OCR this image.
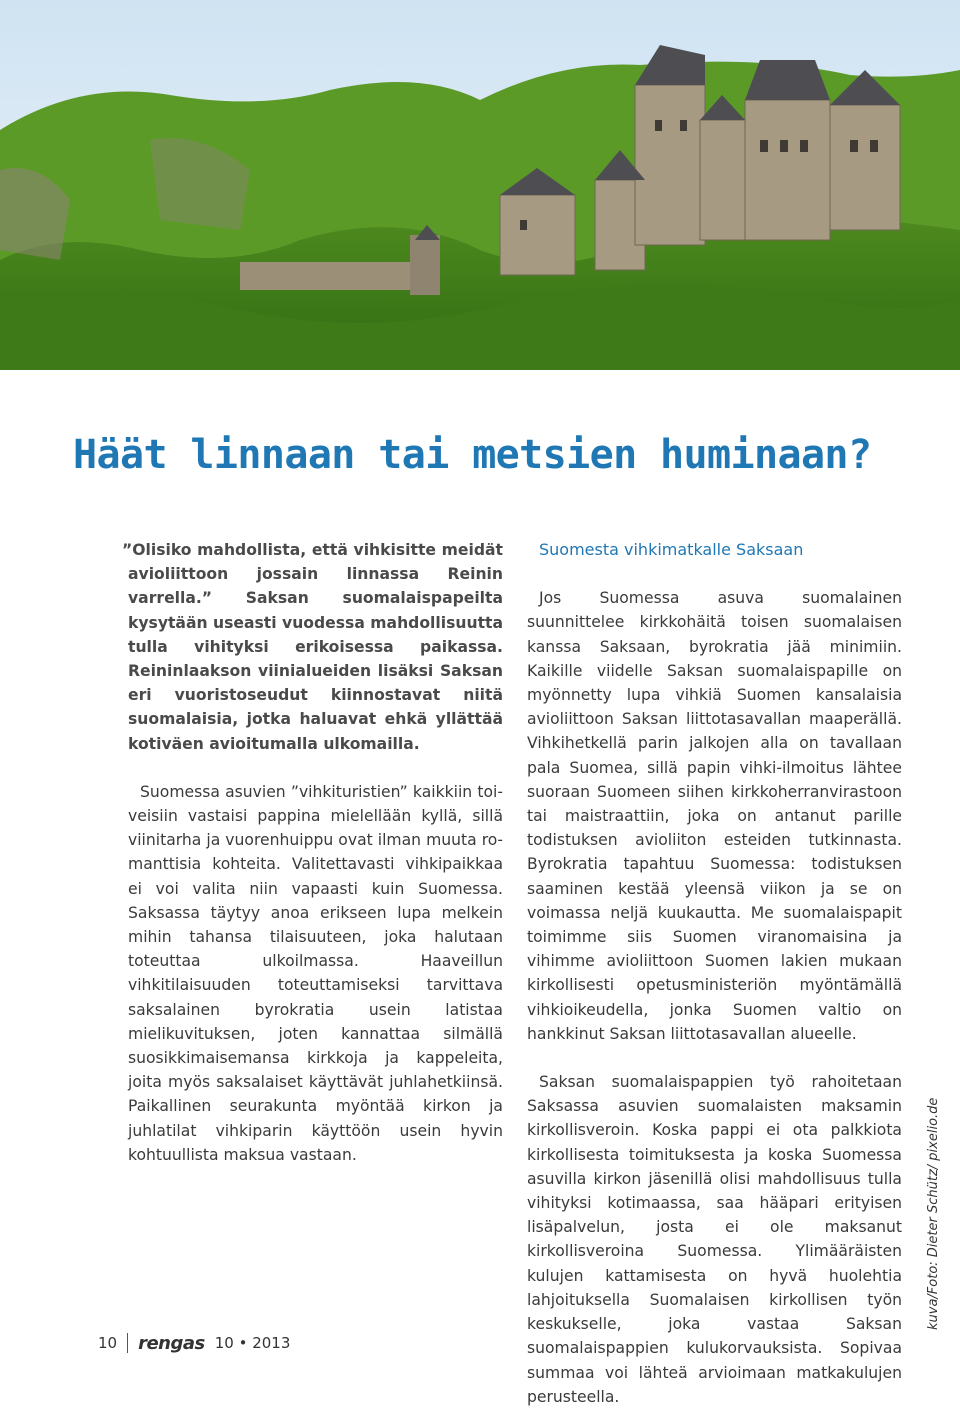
Häät linnaan tai metsien huminaan?

”Olisiko mahdollista, että vihkisitte meidät avioliittoon jossain linnassa Reinin varrella.” Saksan suomalaispapeilta kysytään useasti vuodessa mahdollisuutta tulla vihityksi erikoisessa paikassa. Reininlaakson viinialueiden lisäksi Saksan eri vuoristoseudut kiinnostavat niitä suomalaisia, jotka haluavat ehkä yllättää kotiväen avioitumalla ulkomailla.

Suomessa asuvien ”vihkituristien” kaikkiin toiveisiin vastaisi pappina mielellään kyllä, sillä viinitarha ja vuorenhuippu ovat ilman muuta romanttisia kohteita. Valitettavasti vihkipaikkaa ei voi valita niin vapaasti kuin Suomessa. Saksassa täytyy anoa erikseen lupa melkein mihin tahansa tilaisuuteen, joka halutaan toteuttaa ulkoilmassa. Haaveillun vihkitilaisuuden toteuttamiseksi tarvittava saksalainen byrokratia usein latistaa mielikuvituksen, joten kannattaa silmällä suosikkimaisemansa kirkkoja ja kappeleita, joita myös saksalaiset käyttävät juhlahetkiinsä. Paikallinen seurakunta myöntää kirkon ja juhlatilat vihkiparin käyttöön usein hyvin kohtuullista maksua vastaan.

Suomesta vihkimatkalle Saksaan

Jos Suomessa asuva suomalainen suunnittelee kirkkohäitä toisen suomalaisen kanssa Saksaan, byrokratia jää minimiin. Kaikille viidelle Saksan suomalaispapille on myönnetty lupa vihkiä Suomen kansalaisia avioliittoon Saksan liittotasavallan maaperällä. Vihkihetkellä parin jalkojen alla on tavallaan pala Suomea, sillä papin vihki-ilmoitus lähtee suoraan Suomeen siihen kirkkoherranvirastoon tai maistraattiin, joka on antanut parille todistuksen avioliiton esteiden tutkinnasta. Byrokratia tapahtuu Suomessa: todistuksen saaminen kestää yleensä viikon ja se on voimassa neljä kuukautta. Me suomalaispapit toimimme siis Suomen viranomaisina ja vihimme avioliittoon Suomen lakien mukaan kirkollisesti opetusministeriön myöntämällä vihkioikeudella, jonka Suomen valtio on hankkinut Saksan liittotasavallan alueelle.

Saksan suomalaispappien työ rahoitetaan Saksassa asuvien suomalaisten maksamin kirkollisveroin. Koska pappi ei ota palkkiota kirkollisesta toimituksesta ja koska Suomessa asuvilla kirkon jäsenillä olisi mahdollisuus tulla vihityksi kotimaassa, saa hääpari erityisen lisäpalvelun, josta ei ole maksanut kirkollisveroina Suomessa. Ylimääräisten kulujen kattamisesta on hyvä huolehtia lahjoituksella Suomalaisen kirkollisen työn keskukselle, joka vastaa Saksan suomalaispappien kulukorvauksista. Sopivaa summaa voi lähteä arvioimaan matkakulujen perusteella.

kuva/Foto: Dieter Schütz/ pixelio.de
10 rengas 10 • 2013
